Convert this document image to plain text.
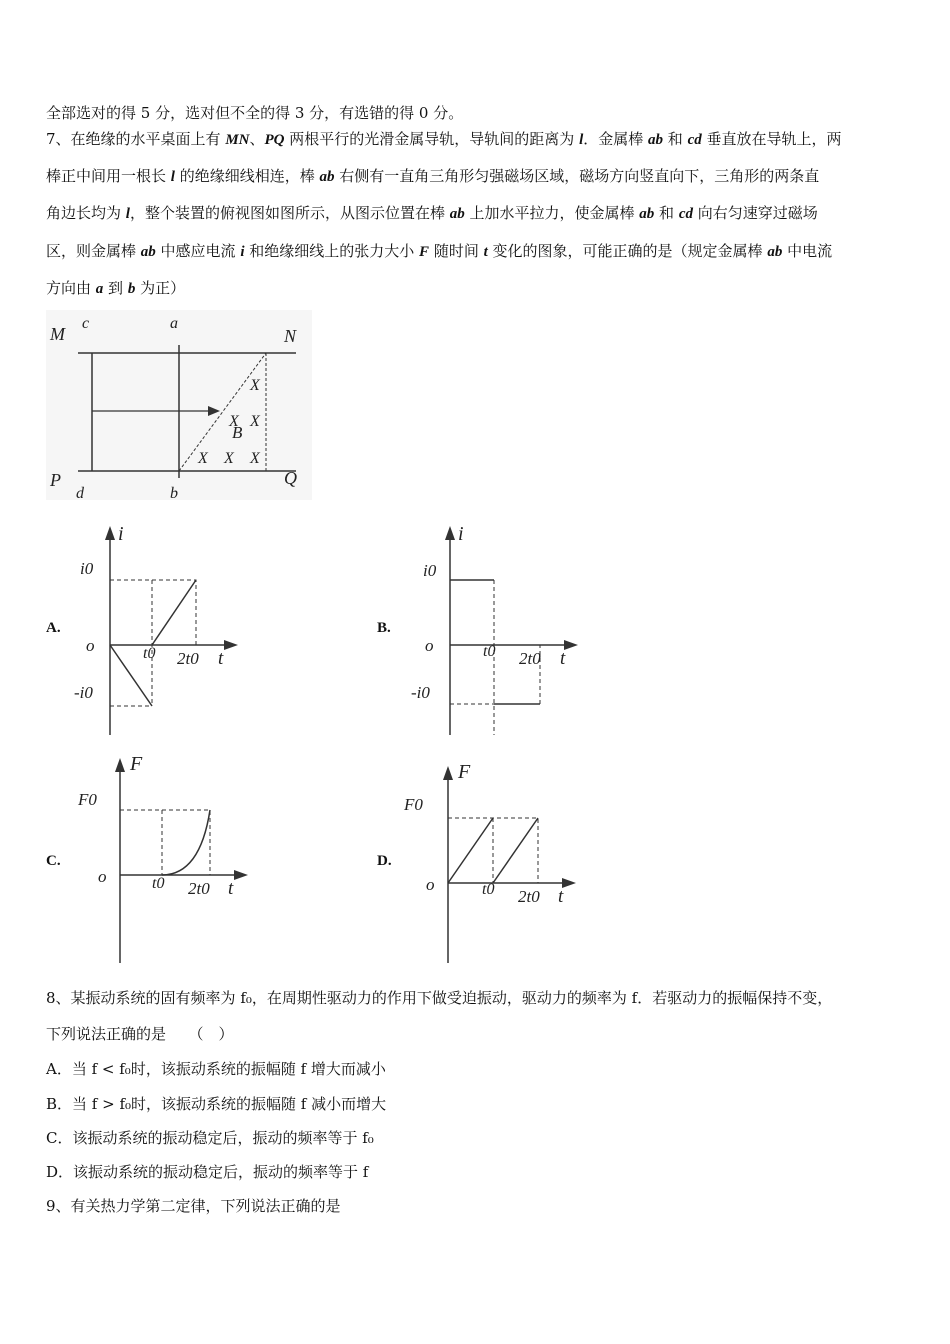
全部选对的得 5 分，选对但不全的得 3 分，有选错的得 0 分。
7、在绝缘的水平桌面上有 MN、PQ 两根平行的光滑金属导轨，导轨间的距离为 l．金属棒 ab 和 cd 垂直放在导轨上，两
棒正中间用一根长 l 的绝缘细线相连，棒 ab 右侧有一直角三角形匀强磁场区域，磁场方向竖直向下，三角形的两条直
角边长均为 l，整个装置的俯视图如图所示，从图示位置在棒 ab 上加水平拉力，使金属棒 ab 和 cd 向右匀速穿过磁场
区，则金属棒 ab 中感应电流 i 和绝缘细线上的张力大小 F 随时间 t 变化的图象，可能正确的是（规定金属棒 ab 中电流
方向由 a 到 b 为正）
X
X X
X X X
B
M
c	a
N
P
d	b
Q
A.	B.
C.	D.
i
i0
o
-i0
t0 2t0 t
i
i0
o
-i0
t0 2t0 t
F
F0
o	t0 2t0 t
F
F0
o	t0 2t0 t
8、某振动系统的固有频率为 f₀，在周期性驱动力的作用下做受迫振动，驱动力的频率为 f．若驱动力的振幅保持不变，
下列说法正确的是　　（　）
A．当 f < f₀时，该振动系统的振幅随 f 增大而减小
B．当 f > f₀时，该振动系统的振幅随 f 减小而增大
C．该振动系统的振动稳定后，振动的频率等于 f₀
D．该振动系统的振动稳定后，振动的频率等于 f
9、有关热力学第二定律，下列说法正确的是
